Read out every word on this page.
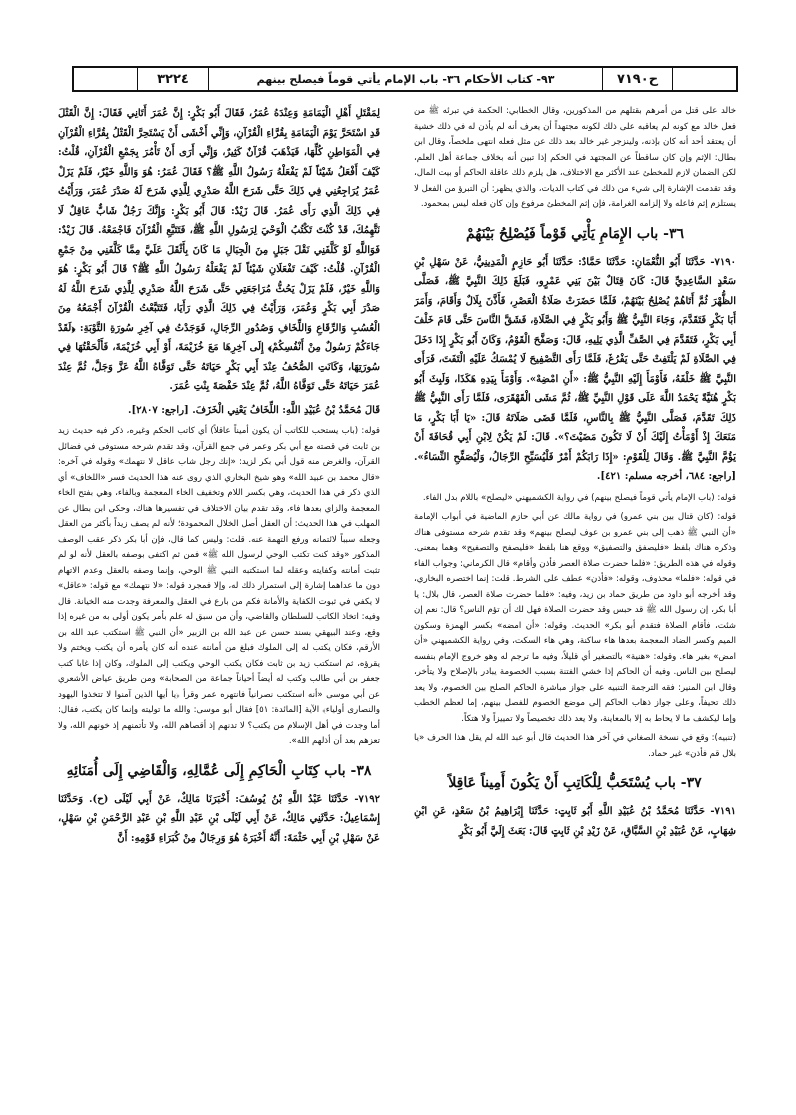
ح٧١٩٠
٩٣- كتاب الأحكام ٣٦- باب الإمام يأتي قوماً فيصلح بينهم
٣٢٢٤

خالد على قتل من أمرهم بقتلهم من المذكورين، وقال الخطابي: الحكمة في تبرئه ﷺ من فعل خالد مع كونه لم يعاقبه على ذلك لكونه مجتهداً أن يعرف أنه لم يأذن له في ذلك خشية أن يعتقد أحد أنه كان بإذنه، ولينزجر غير خالد بعد ذلك عن مثل فعله انتهى ملخصاً، وقال ابن بطال: الإثم وإن كان ساقطاً عن المجتهد في الحكم إذا تبين أنه بخلاف جماعة أهل العلم، لكن الضمان لازم للمخطئ عند الأكثر مع الاختلاف، هل يلزم ذلك عاقلة الحاكم أو بيت المال، وقد تقدمت الإشارة إلى شيء من ذلك في كتاب الديات، والذي يظهر: أن التبرؤ من الفعل لا يستلزم إثم فاعله ولا إلزامه الغرامة، فإن إثم المخطئ مرفوع وإن كان فعله ليس بمحمود.

٣٦- باب الإِمَامِ يَأْتِي قَوْماً فَيُصْلِحُ بَيْنَهُمْ

٧١٩٠- حَدَّثَنَا أَبُو النُّعْمَانِ: حَدَّثَنَا حَمَّادٌ: حَدَّثَنَا أَبُو حَازِمٍ الْمَدِينِيُّ، عَنْ سَهْلِ بْنِ سَعْدٍ السَّاعِدِيِّ قَالَ: كَانَ قِتَالٌ بَيْنَ بَنِي عَمْرٍو، فَبَلَغَ ذَلِكَ النَّبِيَّ ﷺ، فَصَلَّى الظُّهْرَ ثُمَّ أَتَاهُمْ يُصْلِحُ بَيْنَهُمْ، فَلَمَّا حَضَرَتْ صَلَاةُ الْعَصْرِ، فَأَذَّنَ بِلَالٌ وَأَقَامَ، وَأَمَرَ أَبَا بَكْرٍ فَتَقَدَّمَ، وَجَاءَ النَّبِيُّ ﷺ وَأَبُو بَكْرٍ فِي الصَّلَاةِ، فَشَقَّ النَّاسَ حَتَّى قَامَ خَلْفَ أَبِي بَكْرٍ، فَتَقَدَّمَ فِي الصَّفِّ الَّذِي يَلِيهِ، قَالَ: وَصَفَّحَ الْقَوْمُ، وَكَانَ أَبُو بَكْرٍ إِذَا دَخَلَ فِي الصَّلَاةِ لَمْ يَلْتَفِتْ حَتَّى يَفْرُغَ، فَلَمَّا رَأَى التَّصْفِيحَ لَا يُمْسَكُ عَلَيْهِ الْتَفَتَ، فَرَأَى النَّبِيَّ ﷺ خَلْفَهُ، فَأَوْمَأَ إِلَيْهِ النَّبِيُّ ﷺ: «أَنِ امْضِهْ». وَأَوْمَأَ بِيَدِهِ هَكَذَا، وَلَبِثَ أَبُو بَكْرٍ هُنَيَّةً يَحْمَدُ اللَّهَ عَلَى قَوْلِ النَّبِيِّ ﷺ، ثُمَّ مَشَى الْقَهْقَرَى، فَلَمَّا رَأَى النَّبِيُّ ﷺ ذَلِكَ تَقَدَّمَ، فَصَلَّى النَّبِيُّ ﷺ بِالنَّاسِ، فَلَمَّا قَضَى صَلَاتَهُ قَالَ: «يَا أَبَا بَكْرٍ، مَا مَنَعَكَ إِذْ أَوْمَأْتُ إِلَيْكَ أَنْ لَا تَكُونَ مَضَيْتَ؟». قَالَ: لَمْ يَكُنْ لِابْنِ أَبِي قُحَافَةَ أَنْ يَؤُمَّ النَّبِيَّ ﷺ. وَقَالَ لِلْقَوْمِ: «إِذَا رَابَكُمْ أَمْرٌ فَلْيُسَبِّحِ الرِّجَالُ، وَلْيُصَفِّحِ النِّسَاءُ». [راجع: ٦٨٤، أخرجه مسلم: ٤٢١].

قوله: (باب الإمام يأتي قوماً فيصلح بينهم) في رواية الكشميهني «ليصلح» باللام بدل الفاء.

قوله: (كان قتال بين بني عمرو) في رواية مالك عن أبي حازم الماضية في أبواب الإمامة «أن النبي ﷺ ذهب إلى بني عمرو بن عوف ليصلح بينهم» وقد تقدم شرحه مستوفى هناك وذكره هناك بلفظ «فليصفق والتصفيق» ووقع هنا بلفظ «فليصفح والتصفيح» وهما بمعنى. وقوله في هذه الطريق: «فلما حضرت صلاة العصر فأذن وأقام» قال الكرماني: وجواب الفاء في قوله: «فلما» محذوف، وقوله: «فأذن» عطف على الشرط. قلت: إنما اختصره البخاري، وقد أخرجه أبو داود من طريق حماد بن زيد، وفيه: «فلما حضرت صلاة العصر، قال بلال: يا أبا بكر، إن رسول الله ﷺ قد حبس وقد حضرت الصلاة فهل لك أن تؤم الناس؟ قال: نعم إن شئت، فأقام الصلاة فتقدم أبو بكر» الحديث. وقوله: «أن امضه» بكسر الهمزة وسكون الميم وكسر الضاد المعجمة بعدها هاء ساكنة، وهي هاء السكت، وفي رواية الكشميهني «أن امض» بغير هاء. وقوله: «هنية» بالتصغير أي قليلاً، وفيه ما ترجم له وهو خروج الإمام بنفسه ليصلح بين الناس. وفيه أن الحاكم إذا خشي الفتنة بسبب الخصومة يبادر بالإصلاح ولا يتأخر، وقال ابن المنير: فقه الترجمة التنبيه على جواز مباشرة الحاكم الصلح بين الخصوم، ولا يعد ذلك تحيفاً، وعلى جواز ذهاب الحاكم إلى موضع الخصوم للفصل بينهم، إما لعظم الخطب وإما ليكشف ما لا يحاط به إلا بالمعاينة، ولا يعد ذلك تخصيصاً ولا تمييزاً ولا هتكاً.

(تنبيه): وقع في نسخة الصغاني في آخر هذا الحديث قال أبو عبد الله لم يقل هذا الحرف «يا بلال قم فأذن» غير حماد.

٣٧- باب يُسْتَحَبُّ لِلْكَاتِبِ أَنْ يَكُونَ أَمِيناً عَاقِلاً

٧١٩١- حَدَّثَنَا مُحَمَّدُ بْنُ عُبَيْدِ اللَّهِ أَبُو ثَابِتٍ: حَدَّثَنَا إِبْرَاهِيمُ بْنُ سَعْدٍ، عَنِ ابْنِ شِهَابٍ، عَنْ عُبَيْدِ بْنِ السَّبَّاقِ، عَنْ زَيْدِ بْنِ ثَابِتٍ قَالَ: بَعَثَ إِلَيَّ أَبُو بَكْرٍ

لِمَقْتَلِ أَهْلِ الْيَمَامَةِ وَعِنْدَهُ عُمَرُ، فَقَالَ أَبُو بَكْرٍ: إِنَّ عُمَرَ أَتَانِي فَقَالَ: إِنَّ الْقَتْلَ قَدِ اسْتَحَرَّ يَوْمَ الْيَمَامَةِ بِقُرَّاءِ الْقُرْآنِ، وَإِنِّي أَخْشَى أَنْ يَسْتَحِرَّ الْقَتْلُ بِقُرَّاءِ الْقُرْآنِ فِي الْمَوَاطِنِ كُلِّهَا، فَيَذْهَبَ قُرْآنٌ كَثِيرٌ، وَإِنِّي أَرَى أَنْ تَأْمُرَ بِجَمْعِ الْقُرْآنِ، قُلْتُ: كَيْفَ أَفْعَلُ شَيْئاً لَمْ يَفْعَلْهُ رَسُولُ اللَّهِ ﷺ؟ فَقَالَ عُمَرُ: هُوَ وَاللَّهِ خَيْرٌ، فَلَمْ يَزَلْ عُمَرُ يُرَاجِعُنِي فِي ذَلِكَ حَتَّى شَرَحَ اللَّهُ صَدْرِي لِلَّذِي شَرَحَ لَهُ صَدْرَ عُمَرَ، وَرَأَيْتُ فِي ذَلِكَ الَّذِي رَأَى عُمَرُ. قَالَ زَيْدٌ: قَالَ أَبُو بَكْرٍ: وَإِنَّكَ رَجُلٌ شَابٌّ عَاقِلٌ لَا نَتَّهِمُكَ، قَدْ كُنْتَ تَكْتُبُ الْوَحْيَ لِرَسُولِ اللَّهِ ﷺ، فَتَتَبَّعِ الْقُرْآنَ فَاجْمَعْهُ. قَالَ زَيْدٌ: فَوَاللَّهِ لَوْ كَلَّفَنِي نَقْلَ جَبَلٍ مِنَ الْجِبَالِ مَا كَانَ بِأَثْقَلَ عَلَيَّ مِمَّا كَلَّفَنِي مِنْ جَمْعِ الْقُرْآنِ. قُلْتُ: كَيْفَ تَفْعَلَانِ شَيْئاً لَمْ يَفْعَلْهُ رَسُولُ اللَّهِ ﷺ؟ قَالَ أَبُو بَكْرٍ: هُوَ وَاللَّهِ خَيْرٌ، فَلَمْ يَزَلْ يَحُثُّ مُرَاجَعَتِي حَتَّى شَرَحَ اللَّهُ صَدْرِي لِلَّذِي شَرَحَ اللَّهُ لَهُ صَدْرَ أَبِي بَكْرٍ وَعُمَرَ، وَرَأَيْتُ فِي ذَلِكَ الَّذِي رَأَيَا، فَتَتَبَّعْتُ الْقُرْآنَ أَجْمَعُهُ مِنَ الْعُسُبِ وَالرِّقَاعِ وَاللِّخَافِ وَصُدُورِ الرِّجَالِ، فَوَجَدْتُ فِي آخِرِ سُورَةِ التَّوْبَةِ: ﴿لَقَدْ جَاءَكُمْ رَسُولٌ مِنْ أَنْفُسِكُمْ﴾ إِلَى آخِرِهَا مَعَ خُزَيْمَةَ، أَوْ أَبِي خُزَيْمَةَ، فَأَلْحَقْتُهَا فِي سُورَتِهَا، وَكَانَتِ الصُّحُفُ عِنْدَ أَبِي بَكْرٍ حَيَاتَهُ حَتَّى تَوَفَّاهُ اللَّهُ عَزَّ وَجَلَّ، ثُمَّ عِنْدَ عُمَرَ حَيَاتَهُ حَتَّى تَوَفَّاهُ اللَّهُ، ثُمَّ عِنْدَ حَفْصَةَ بِنْتِ عُمَرَ.

قَالَ مُحَمَّدُ بْنُ عُبَيْدِ اللَّهِ: اللِّخَافُ يَعْنِي الْخَزَفَ. [راجع: ٢٨٠٧].

قوله: (باب يستحب للكاتب أن يكون أميناً عاقلاً) أي كاتب الحكم وغيره، ذكر فيه حديث زيد بن ثابت في قصته مع أبي بكر وعمر في جمع القرآن، وقد تقدم شرحه مستوفى في فضائل القرآن، والغرض منه قول أبي بكر لزيد: «إنك رجل شاب عاقل لا نتهمك» وقوله في آخره: «قال محمد بن عبيد الله» وهو شيخ البخاري الذي روى عنه هذا الحديث فسر «اللخاف» أي الذي ذكر في هذا الحديث، وهي بكسر اللام وتخفيف الخاء المعجمة وبالفاء، وهي بفتح الخاء المعجمة والزاي بعدها فاء، وقد تقدم بيان الاختلاف في تفسيرها هناك، وحكى ابن بطال عن المهلب في هذا الحديث: أن العقل أصل الخلال المحمودة؛ لأنه لم يصف زيداً بأكثر من العقل وجعله سبباً لائتمانه ورفع التهمة عنه. قلت: وليس كما قال، فإن أبا بكر ذكر عقب الوصف المذكور «وقد كنت تكتب الوحي لرسول الله ﷺ» فمن ثم اكتفى بوصفه بالعقل لأنه لو لم تثبت أمانته وكفايته وعقله لما استكتبه النبي ﷺ الوحي، وإنما وصفه بالعقل وعدم الاتهام دون ما عداهما إشارة إلى استمرار ذلك له، وإلا فمجرد قوله: «لا نتهمك» مع قوله: «عاقل» لا يكفي في ثبوت الكفاية والأمانة فكم من بارع في العقل والمعرفة وجدت منه الخيانة. قال وفيه: اتخاذ الكاتب للسلطان والقاضي، وأن من سبق له علم بأمر يكون أولى به من غيره إذا وقع، وعند البيهقي بسند حسن عن عبد الله بن الزبير «أن النبي ﷺ استكتب عبد الله بن الأرقم، فكان يكتب له إلى الملوك فبلغ من أمانته عنده أنه كان يأمره أن يكتب ويختم ولا يقرؤه، ثم استكتب زيد بن ثابت فكان يكتب الوحي ويكتب إلى الملوك، وكان إذا غابا كتب جعفر بن أبي طالب وكتب له أيضاً أحياناً جماعة من الصحابة» ومن طريق عياض الأشعري عن أبي موسى «أنه استكتب نصرانياً فانتهره عمر وقرأ ﴿يا أيها الذين آمنوا لا تتخذوا اليهود والنصارى أولياء﴾ الآية [المائدة: ٥١] فقال أبو موسى: والله ما توليته وإنما كان يكتب، فقال: أما وجدت في أهل الإسلام من يكتب؟ لا تدنهم إذ أقصاهم الله، ولا تأتمنهم إذ خونهم الله، ولا تعزهم بعد أن أذلهم الله».

٣٨- باب كِتَابِ الْحَاكِمِ إِلَى عُمَّالِهِ، وَالْقَاضِي إِلَى أُمَنَائِهِ

٧١٩٢- حَدَّثَنَا عَبْدُ اللَّهِ بْنُ يُوسُفَ: أَخْبَرَنَا مَالِكٌ، عَنْ أَبِي لَيْلَى (ح). وَحَدَّثَنَا إِسْمَاعِيلُ: حَدَّثَنِي مَالِكٌ، عَنْ أَبِي لَيْلَى بْنِ عَبْدِ اللَّهِ بْنِ عَبْدِ الرَّحْمَنِ بْنِ سَهْلٍ، عَنْ سَهْلِ بْنِ أَبِي حَثْمَةَ: أَنَّهُ أَخْبَرَهُ هُوَ وَرِجَالٌ مِنْ كُبَرَاءِ قَوْمِهِ: أَنَّ
